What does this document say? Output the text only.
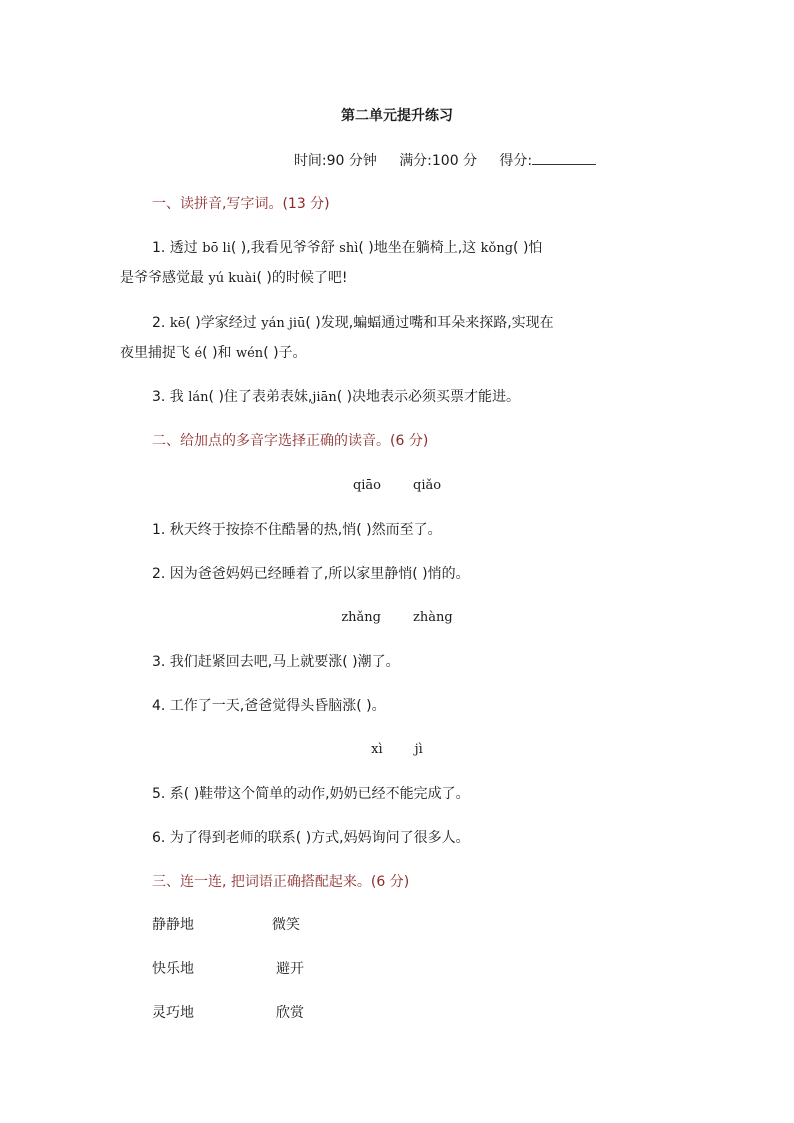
第二单元提升练习
时间:90 分钟 满分:100 分 得分:
一、读拼音,写字词。(13 分)
1. 透过 bō li( ),我看见爷爷舒 shì( )地坐在躺椅上,这 kǒng( )怕
是爷爷感觉最 yú kuài( )的时候了吧!
2. kē( )学家经过 yán jiū( )发现,蝙蝠通过嘴和耳朵来探路,实现在
夜里捕捉飞 é( )和 wén( )子。
3. 我 lán( )住了表弟表妹,jiān( )决地表示必须买票才能进。
二、给加点的多音字选择正确的读音。(6 分)
qiāo qiǎo
1. 秋天终于按捺不住酷暑的热,悄( )然而至了。
2. 因为爸爸妈妈已经睡着了,所以家里静悄( )悄的。
zhǎng zhàng
3. 我们赶紧回去吧,马上就要涨( )潮了。
4. 工作了一天,爸爸觉得头昏脑涨( )。
xì jì
5. 系( )鞋带这个简单的动作,奶奶已经不能完成了。
6. 为了得到老师的联系( )方式,妈妈询问了很多人。
三、连一连, 把词语正确搭配起来。(6 分)
静静地	微笑
快乐地	避开
灵巧地	欣赏
